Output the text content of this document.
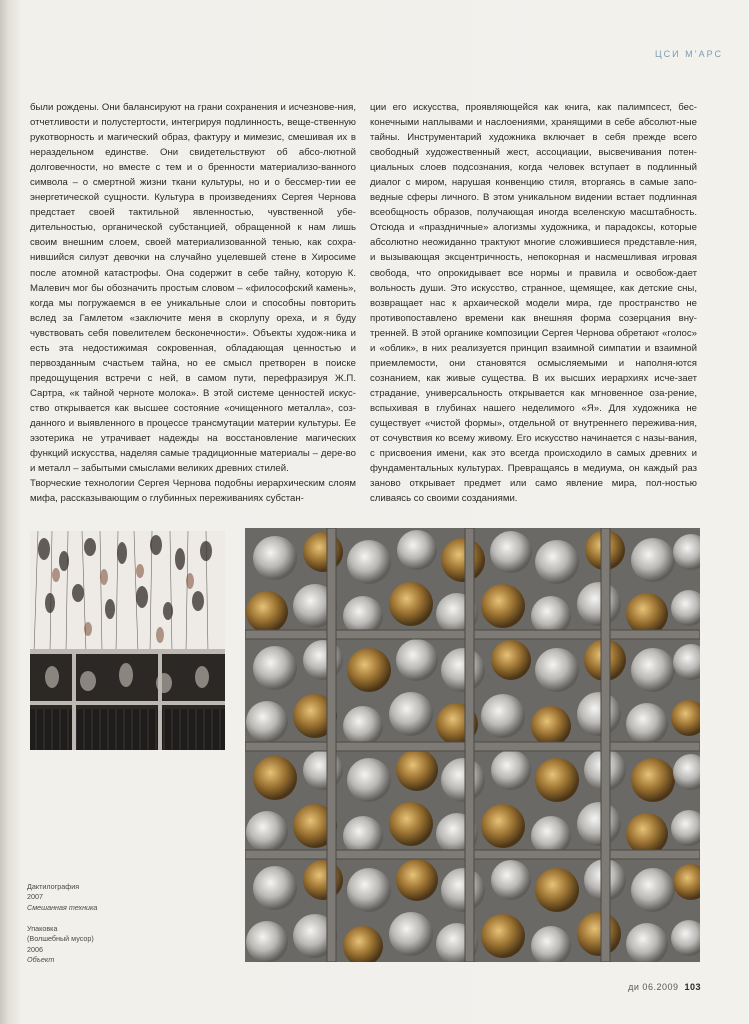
ЦСИ М’АРС

были рождены. Они балансируют на грани сохранения и исчезнове-ния, отчетливости и полустертости, интегрируя подлинность, веще-ственную рукотворность и магический образ, фактуру и мимезис, смешивая их в нераздельном единстве. Они свидетельствуют об абсо-лютной долговечности, но вместе с тем и о бренности материализо-ванного символа – о смертной жизни ткани культуры, но и о бессмер-тии ее энергетической сущности. Культура в произведениях Сергея Чернова предстает своей тактильной явленностью, чувственной убе-дительностью, органической субстанцией, обращенной к нам лишь своим внешним слоем, своей материализованной тенью, как сохра-нившийся силуэт девочки на случайно уцелевшей стене в Хиросиме после атомной катастрофы. Она содержит в себе тайну, которую К. Малевич мог бы обозначить простым словом – «философский камень», когда мы погружаемся в ее уникальные слои и способны повторить вслед за Гамлетом «заключите меня в скорлупу ореха, и я буду чувствовать себя повелителем бесконечности». Объекты худож-ника и есть эта недостижимая сокровенная, обладающая ценностью и первозданным счастьем тайна, но ее смысл претворен в поиске предощущения встречи с ней, в самом пути, перефразируя Ж.П. Сартра, «к тайной черноте молока». В этой системе ценностей искус-ство открывается как высшее состояние «очищенного металла», соз-данного и выявленного в процессе трансмутации материи культуры. Ее эзотерика не утрачивает надежды на восстановление магических функций искусства, наделяя самые традиционные материалы – дере-во и металл – забытыми смыслами великих древних стилей.

Творческие технологии Сергея Чернова подобны иерархическим слоям мифа, рассказывающим о глубинных переживаниях субстан-

ции его искусства, проявляющейся как книга, как палимпсест, бес-конечными наплывами и наслоениями, хранящими в себе абсолют-ные тайны. Инструментарий художника включает в себя прежде всего свободный художественный жест, ассоциации, высвечивания потен-циальных слоев подсознания, когда человек вступает в подлинный диалог с миром, нарушая конвенцию стиля, вторгаясь в самые запо-ведные сферы личного. В этом уникальном видении встает подлинная всеобщность образов, получающая иногда вселенскую масштабность. Отсюда и «праздничные» алогизмы художника, и парадоксы, которые абсолютно неожиданно трактуют многие сложившиеся представле-ния, и вызывающая эксцентричность, непокорная и насмешливая игровая свобода, что опрокидывает все нормы и правила и освобож-дает вольность души. Это искусство, странное, щемящее, как детские сны, возвращает нас к архаической модели мира, где пространство не противопоставлено времени как внешняя форма созерцания вну-тренней. В этой органике композиции Сергея Чернова обретают «голос» и «облик», в них реализуется принцип взаимной симпатии и взаимной приемлемости, они становятся осмысляемыми и наполня-ются сознанием, как живые существа. В их высших иерархиях исче-зает страдание, универсальность открывается как мгновенное оза-рение, вспыхивая в глубинах нашего неделимого «Я». Для художника не существует «чистой формы», отдельной от внутреннего пережива-ния, от сочувствия ко всему живому. Его искусство начинается с назы-вания, с присвоения имени, как это всегда происходило в самых древних и фундаментальных культурах. Превращаясь в медиума, он каждый раз заново открывает предмет или само явление мира, пол-ностью сливаясь со своими созданиями.

Дактилография
2007
Смешанная техника
Упаковка
(Волшебный мусор)
2006
Объект
ди 06.2009 103
